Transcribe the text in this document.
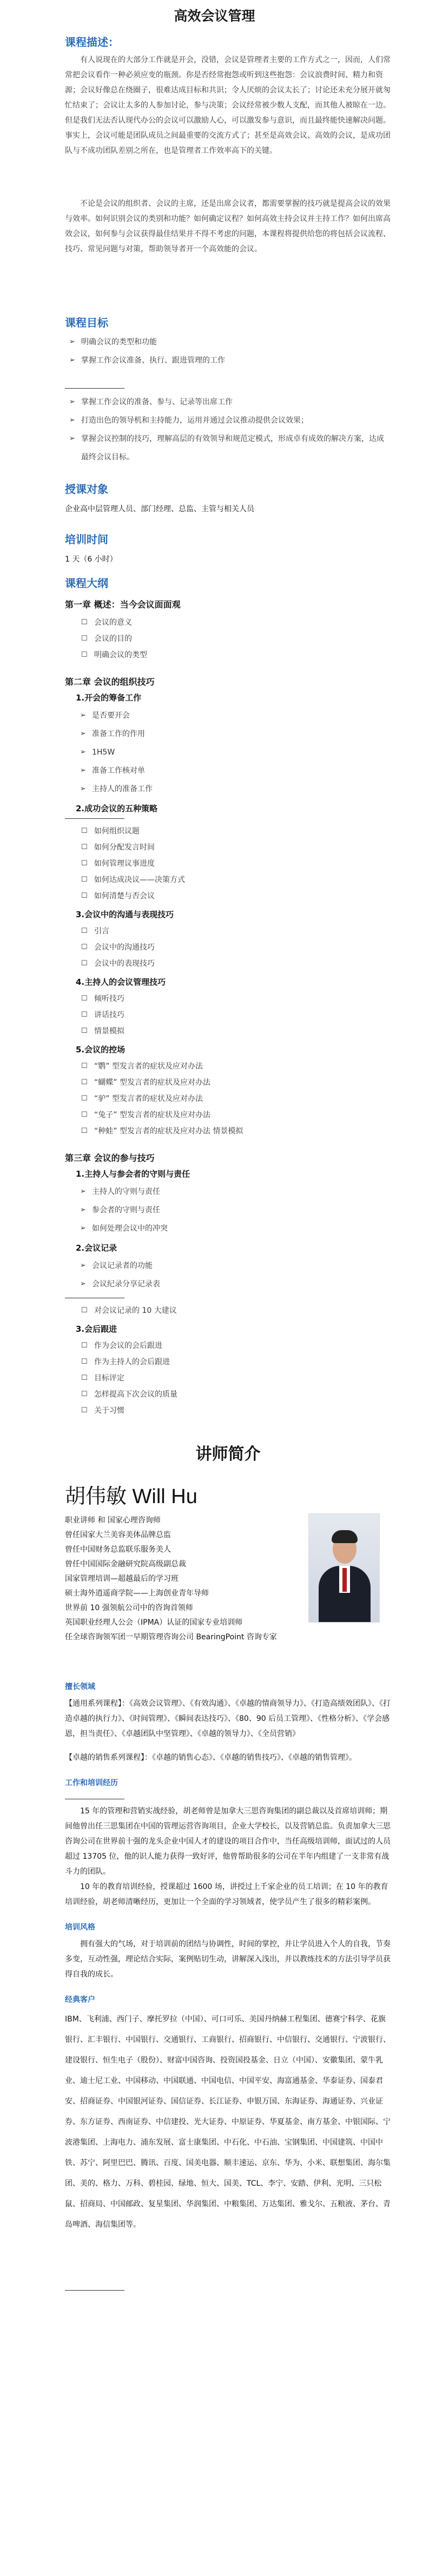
高效会议管理
课程描述：

有人说现在的大部分工作就是开会，没错，会议是管理者主要的工作方式之一，因而，人们常常把会议看作一种必须应变的瓶颈。你是否经常抱怨或听到这些抱怨：会议浪费时间、精力和资源；会议好像总在绕圈子，很难达成目标和共识；令人厌烦的会议太长了；讨论还未充分展开就匆忙结束了；会议让太多的人参加讨论，参与决策；会议经常被少数人支配，而其他人被晾在一边。但是我们无法否认现代办公的会议可以激励人心，可以激发参与意识，而且最终能快速解决问题。事实上，会议可能是团队成员之间最重要的交流方式了；甚至是高效会议、高效的会议，是成功团队与不成功团队差别之所在，也是管理者工作效率高下的关键。

不论是会议的组织者、会议的主席，还是出席会议者，都需要掌握的技巧就是提高会议的效果与效率。如何识别会议的类别和功能？如何确定议程？如何高效主持会议并主持工作？如何出席高效会议，如何参与会议获得最佳结果并不得不考虑的问题，本课程将提供给您的将包括会议流程、技巧、常见问题与对策，帮助领导者开一个高效能的会议。

课程目标
➢ 明确会议的类型和功能
➢ 掌握工作会议准备、执行、跟进管理的工作
➢ 掌握工作会议的准备、参与、记录等出席工作
➢ 打造出色的领导机和主持能力，运用并通过会议推动提供会议效果；
➢ 掌握会议控制的技巧，理解高层的有效领导和规范定模式，形成卓有成效的解决方案，达成最终会议目标。
授课对象

企业高中层管理人员、部门经理、总监、主管与相关人员

培训时间

1 天（6 小时）

课程大纲
第一章 概述：当今会议面面观
☐ 会议的意义
☐ 会议的目的
☐ 明确会议的类型
第二章 会议的组织技巧
1.开会的筹备工作
➢ 是否要开会
➢ 准备工作的作用
➢ 1H5W
➢ 准备工作核对单
➢ 主持人的准备工作
2.成功会议的五种策略
☐ 如何组织议题
☐ 如何分配发言时间
☐ 如何管理议事进度
☐ 如何达成决议——决策方式
☐ 如何清楚与否会议
3.会议中的沟通与表现技巧
☐ 引言
☐ 会议中的沟通技巧
☐ 会议中的表现技巧
4.主持人的会议管理技巧
☐ 倾听技巧
☐ 讲话技巧
☐ 情景模拟
5.会议的控场
☐ “鹦” 型发言者的症状及应对办法
☐ “蝴蝶” 型发言者的症状及应对办法
☐ “驴” 型发言者的症状及应对办法
☐ “兔子” 型发言者的症状及应对办法
☐ “种蛙” 型发言者的症状及应对办法 情景模拟
第三章 会议的参与技巧
1.主持人与参会者的守则与责任
➢ 主持人的守则与责任
➢ 参会者的守则与责任
➢ 如何处理会议中的冲突
2.会议记录
➢ 会议记录者的功能
➢ 会议纪录分享记录表
☐ 对会议记录的 10 大建议
3.会后跟进
☐ 作为会议的会后跟进
☐ 作为主持人的会后跟进
☐ 目标评定
☐ 怎样提高下次会议的质量
☐ 关于习惯
讲师简介
胡伟敏 Will Hu
职业讲师 和 国家心理咨询师
曾任国家大兰美容美体品牌总监
曾任中国财务总监联乐服务美人
曾任中国国际金融研究院高级副总裁
国家管理培训—超越最后的学习班
硕士海外逍遥商学院——上海创业青年导师
世界前 10 强领航公司中的咨询首领师
英国职业经理人公会（IPMA）认证的国家专业培训师
任全球咨询领军团一早期管理咨询公司 BearingPoint 咨询专家
擅长领域

【通用系列课程】：《高效会议管理》、《有效沟通》、《卓越的情商领导力》、《打造高绩效团队》、《打造卓越的执行力》、《时间管理》、《瞬间表达技巧》、《80、90 后员工管理》、《性格分析》、《学会感恩，担当责任》、《卓越团队中坚管理》、《卓越的领导力》、《全员营销》

【卓越的销售系列课程】：《卓越的销售心态》、《卓越的销售技巧》、《卓越的销售管理》。

工作和培训经历

15 年的管理和营销实战经验，胡老师曾是加拿大三思咨询集团的副总裁以及首席培训师；期间他曾出任三思集团在中国的管理运营咨询项目，企业大学校长，以及营销总监。负责加拿大三思咨询公司在世界前十强的龙头企业中国人才的建设的项目合作中，当任高级培训师，面试过的人员超过 13705 位，他的识人能力获得一致好评，他曾帮助很多的公司在半年内组建了一支非常有战斗力的团队。

10 年的教育培训经验，授课超过 1600 场，讲授过上千家企业的员工培训；在 10 年的教育培训经验，胡老师清晰经历，更加让一个全面的学习领域者，使学员产生了很多的精彩案例。

培训风格

拥有强大的气场，对于培训前的团结与协调性，时间的掌控，并让学员进入个人的自我，节奏多变，互动性强，理论结合实际，案例贴切生动，讲解深入浅出，并以教练技术的方法引导学员获得自我的成长。

经典客户

IBM、飞利浦、西门子、摩托罗拉（中国）、可口可乐、美国丹纳赫工程集团、德赛宁科学、花旗银行、汇丰银行、中国银行、交通银行、工商银行、招商银行、中信银行、交通银行、宁波银行、建设银行、恒生电子（股份）、财富中国咨询、投资国投基金、日立（中国）、安徽集团、蒙牛乳业、迪士尼工业、中国移动、中国联通、中国电信、中国平安、海富通基金、华泰证券、国泰君安、招商证券、中国银河证券、国信证券、长江证券、申银万国、东海证券、海通证券、兴业证券、东方证券、西南证券、中信建投、光大证券、中原证券、华夏基金、南方基金、中银国际、宁波港集团、上海电力、浦东发展、富士康集团、中石化、中石油、宝钢集团、中国建筑、中国中铁、苏宁、阿里巴巴、腾讯、百度、国美电器、顺丰速运、京东、华为、小米、联想集团、海尔集团、美的、格力、万科、碧桂园、绿地、恒大、国美、TCL、李宁、安踏、伊利、光明、三只松鼠、招商局、中国邮政、复星集团、华润集团、中粮集团、万达集团、雅戈尔、五粮液、茅台、青岛啤酒、海信集团等。
